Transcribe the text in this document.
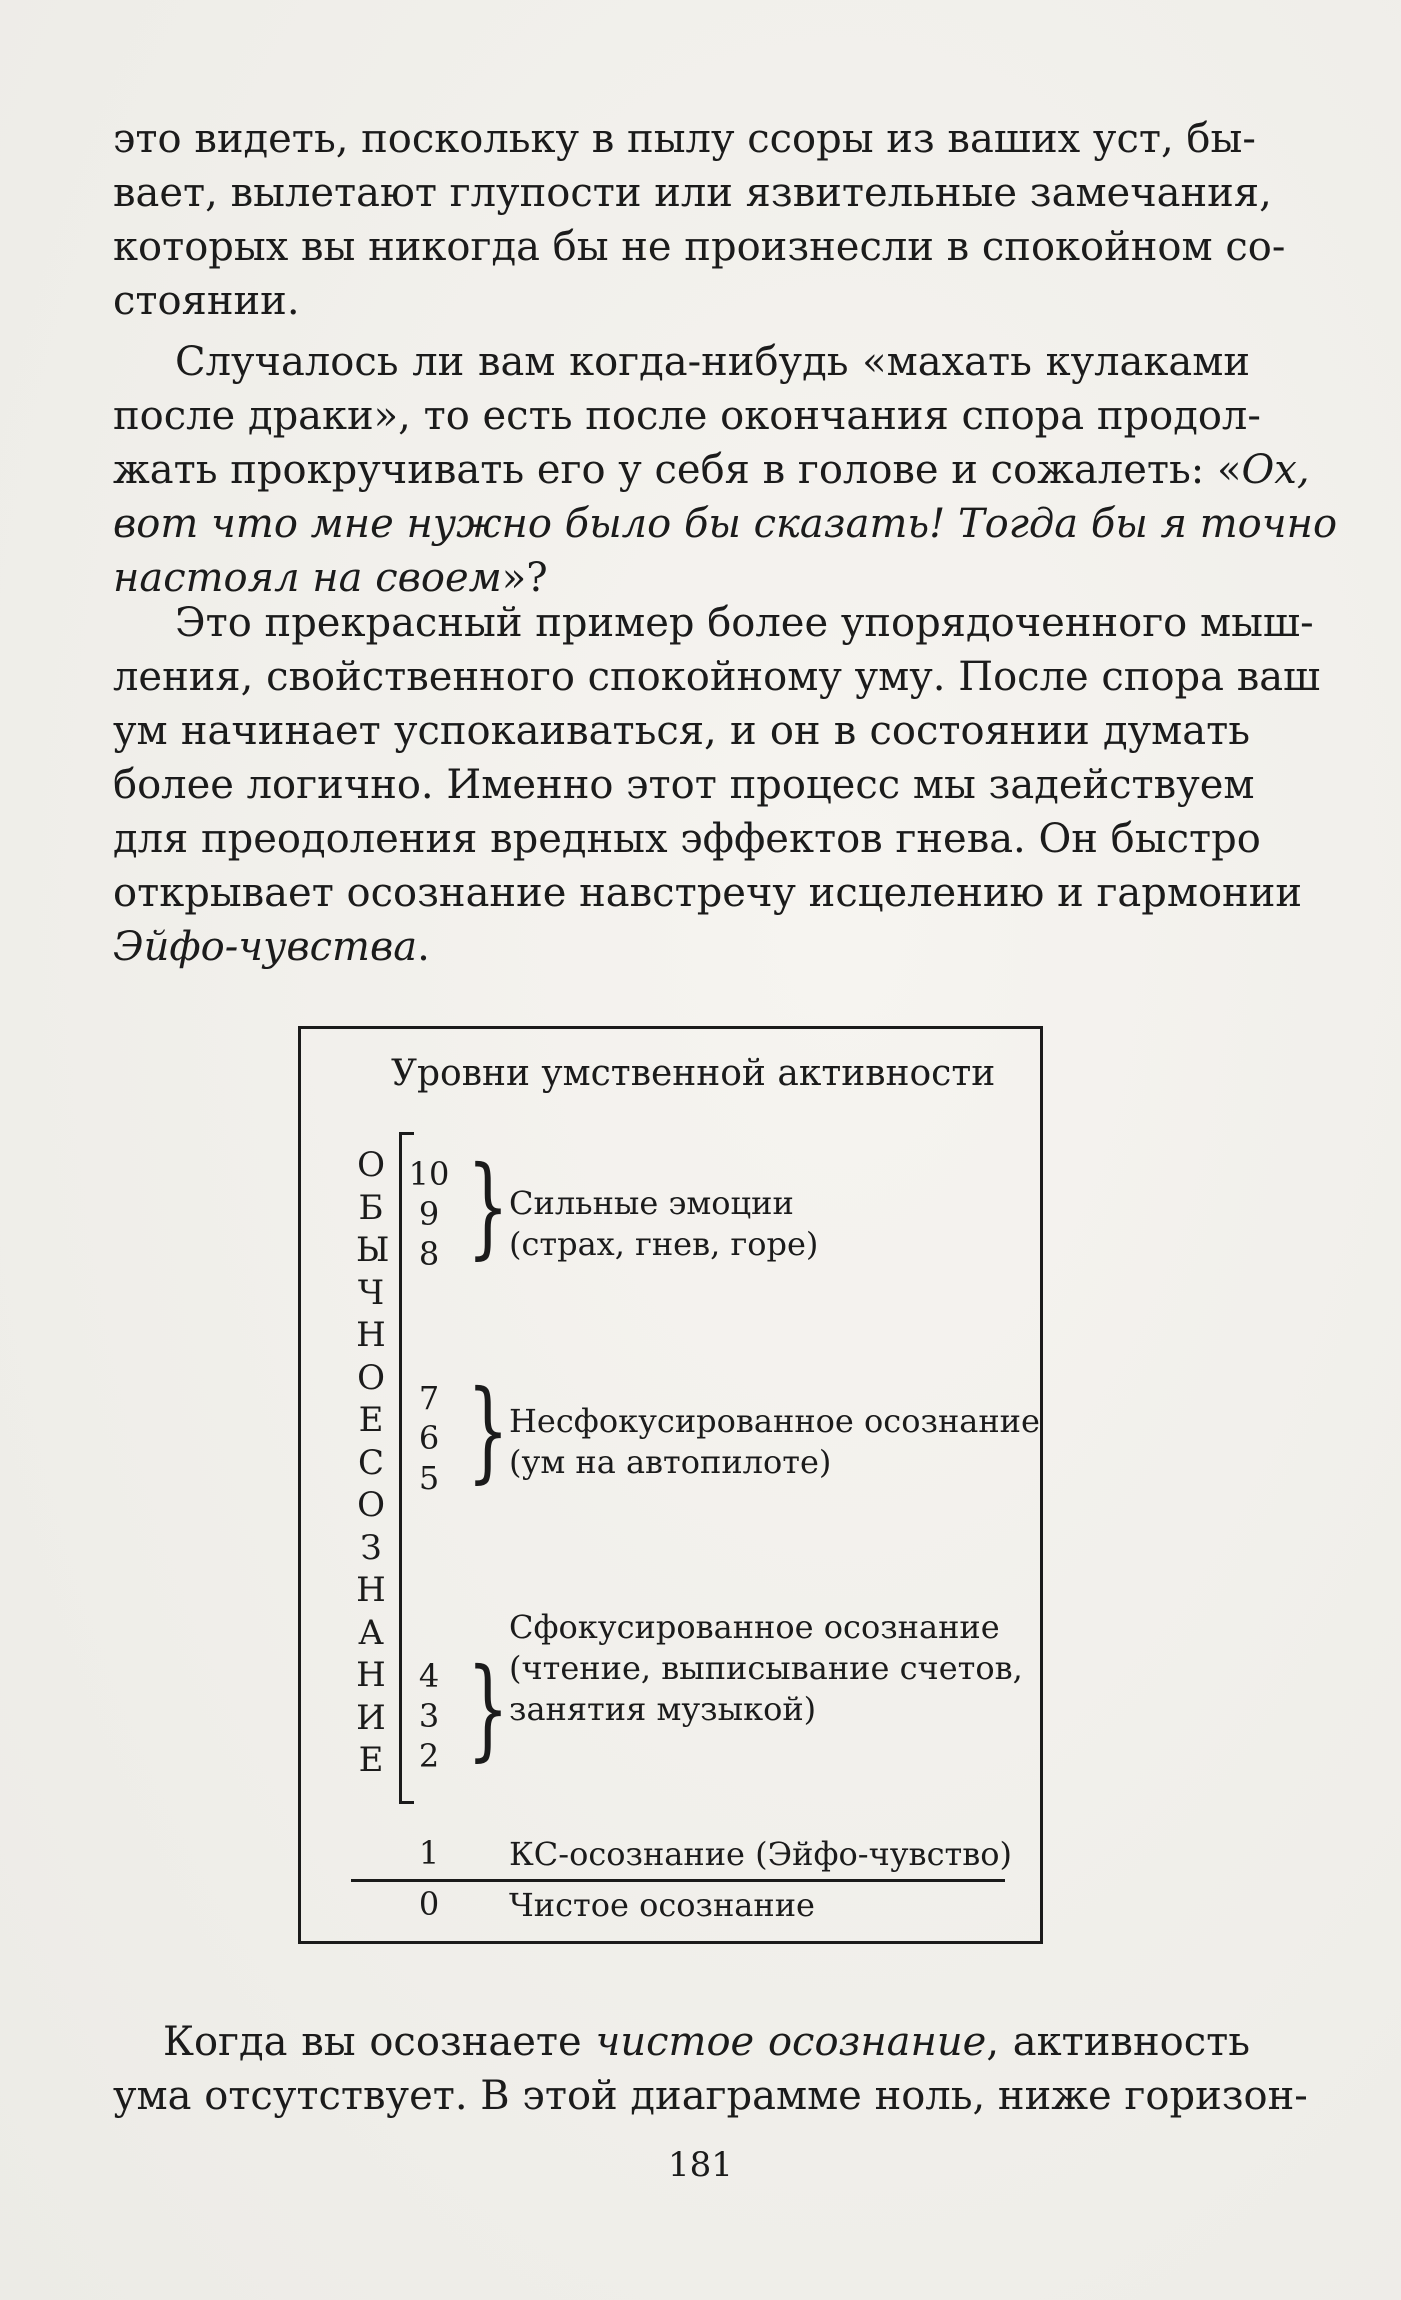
это видеть, поскольку в пылу ссоры из ваших уст, бы-
вает, вылетают глупости или язвительные замечания,
которых вы никогда бы не произнесли в спокойном со-
стоянии.
Случалось ли вам когда-нибудь «махать кулаками
после драки», то есть после окончания спора продол-
жать прокручивать его у себя в голове и сожалеть: «Ох,
вот что мне нужно было бы сказать! Тогда бы я точно
настоял на своем»?
Это прекрасный пример более упорядоченного мыш-
ления, свойственного спокойному уму. После спора ваш
ум начинает успокаиваться, и он в состоянии думать
более логично. Именно этот процесс мы задействуем
для преодоления вредных эффектов гнева. Он быстро
открывает осознание навстречу исцелению и гармонии
Эйфо-чувства.
Уровни умственной активности
О
Б
Ы
Ч
Н
О
Е
С
О
З
Н
А
Н
И
Е
10
9
8 } Сильные эмоции
(страх, гнев, горе)
7
6
5 } Несфокусированное осознание
(ум на автопилоте)
4
3
2 }
Сфокусированное осознание
(чтение, выписывание счетов,
занятия музыкой)
1	КС-осознание (Эйфо-чувство)
0	Чистое осознание
Когда вы осознаете чистое осознание, активность
ума отсутствует. В этой диаграмме ноль, ниже горизон-
181
